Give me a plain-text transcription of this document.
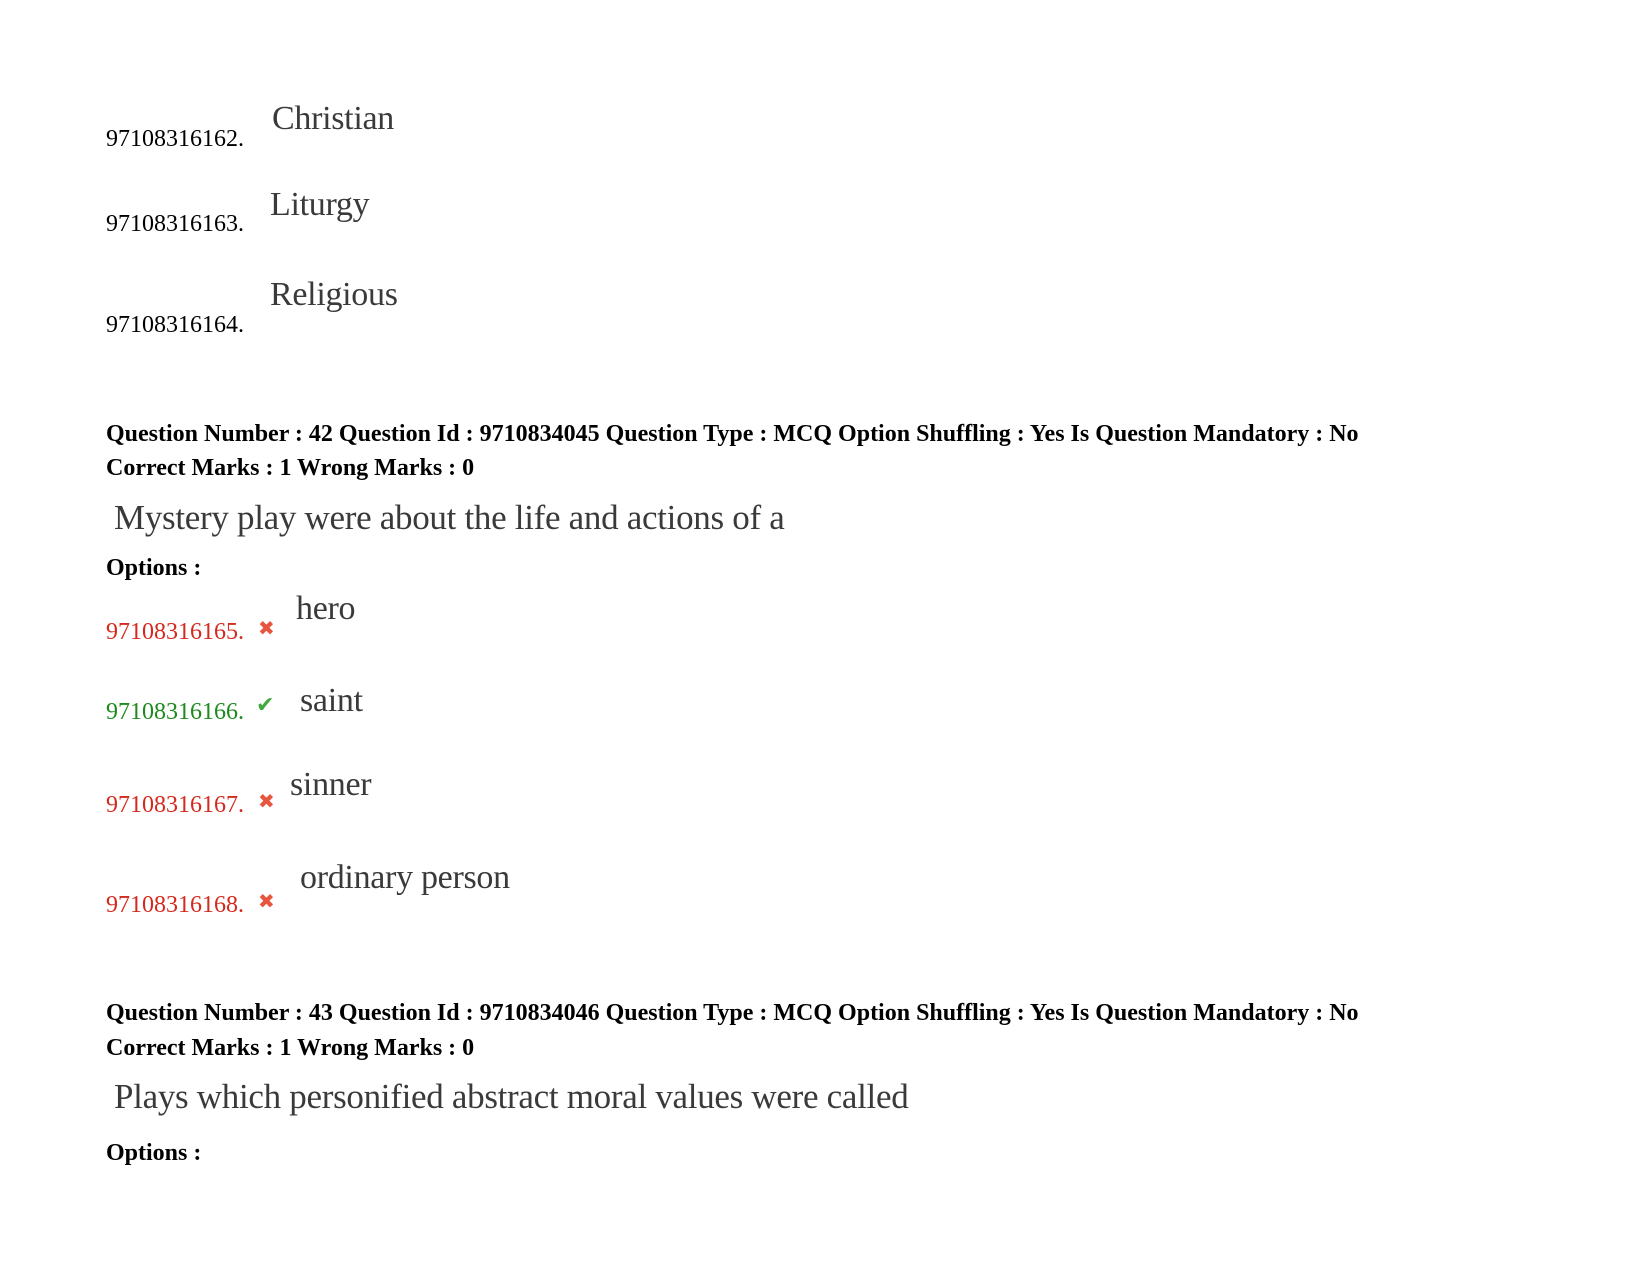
97108316162.
Christian
97108316163.
Liturgy
97108316164.
Religious
Question Number : 42 Question Id : 9710834045 Question Type : MCQ Option Shuffling : Yes Is Question Mandatory : No
Correct Marks : 1 Wrong Marks : 0
Mystery play were about the life and actions of a
Options :
97108316165. ✖
hero
97108316166. ✔ saint
97108316167. ✖ sinner
97108316168. ✖
ordinary person
Question Number : 43 Question Id : 9710834046 Question Type : MCQ Option Shuffling : Yes Is Question Mandatory : No
Correct Marks : 1 Wrong Marks : 0
Plays which personified abstract moral values were called
Options :
